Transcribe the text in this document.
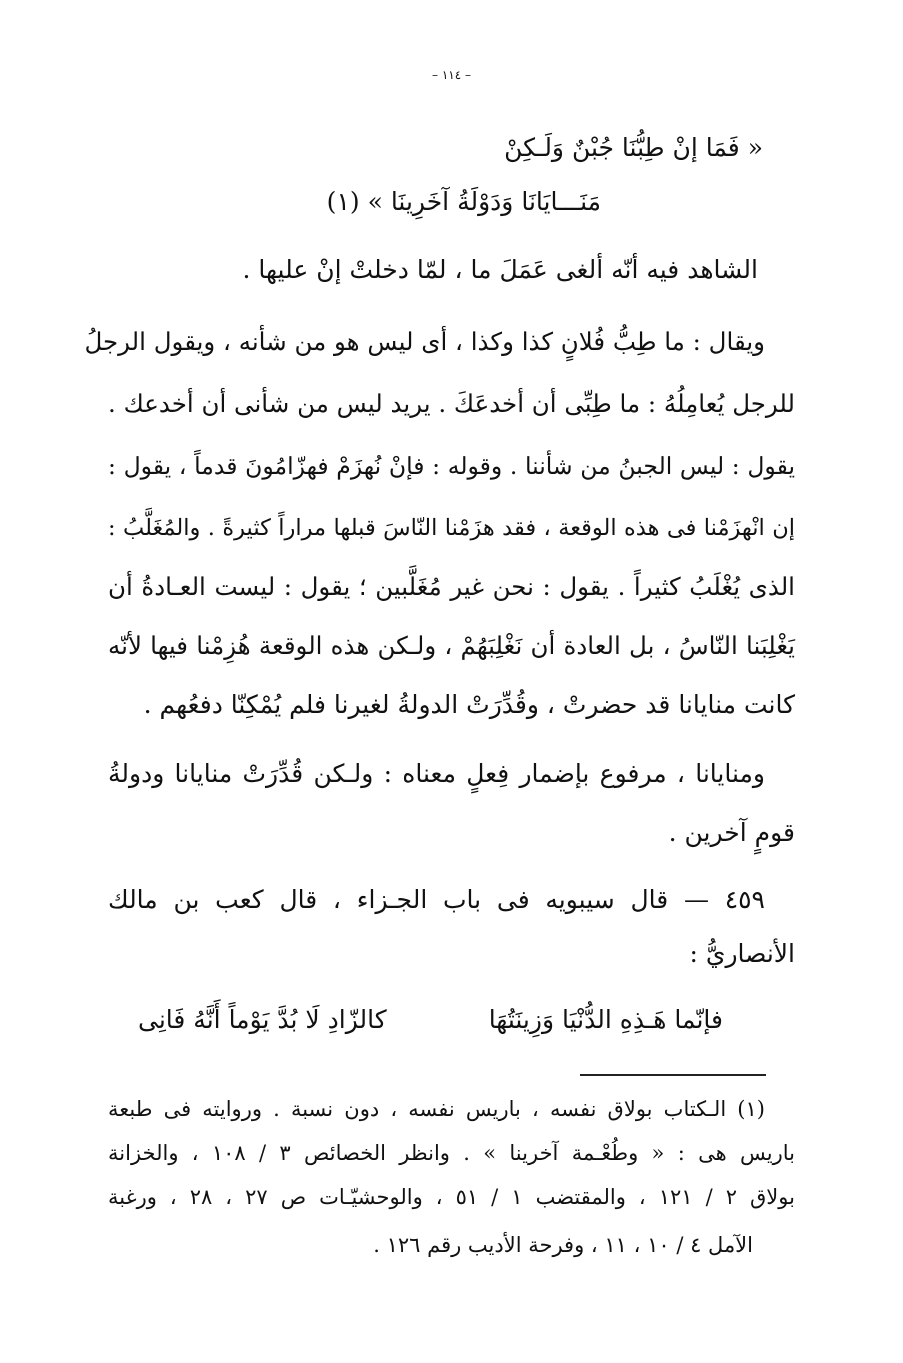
– ١١٤ –
« فَمَا إنْ طِبُّنَا جُبْنٌ وَلَـكِنْ
مَنَـــايَانَا وَدَوْلَةُ آخَرِينَا » (١)
الشاهد فيه أنّه ألغى عَمَلَ ما ، لمّا دخلتْ إنْ عليها .
ويقال : ما طِبُّ فُلانٍ كذا وكذا ، أى ليس هو من شأنه ، ويقول الرجلُ
للرجل يُعامِلُهُ : ما طِبِّى أن أخدعَكَ . يريد ليس من شأنى أن أخدعك .
يقول : ليس الجبنُ من شأننا . وقوله : فإنْ نُهزَمْ فهزّامُونَ قدماً ، يقول :
إن انْهزَمْنا فى هذه الوقعة ، فقد هزَمْنا النّاسَ قبلها مراراً كثيرةً . والمُغَلَّبُ :
الذى يُغْلَبُ كثيراً . يقول : نحن غير مُغَلَّبين ؛ يقول : ليست العـادةُ أن
يَغْلِبَنا النّاسُ ، بل العادة أن نَغْلِبَهُمْ ، ولـكن هذه الوقعة هُزِمْنا فيها لأنّه
كانت منايانا قد حضرتْ ، وقُدِّرَتْ الدولةُ لغيرنا فلم يُمْكِنّا دفعُهم .
ومنايانا ، مرفوع بإضمار فِعلٍ معناه : ولـكن قُدِّرَتْ منايانا ودولةُ
قومٍ آخرين .
٤٥٩ — قال سيبويه فى باب الجـزاء ، قال كعب بن مالك
الأنصاريُّ :
فإنّما هَـذِهِ الدُّنْيَا وَزِينَتُهَا
كالزّادِ لَا بُدَّ يَوْماً أَنَّهُ فَانِى
(١) الـكتاب بولاق نفسه ، باريس نفسه ، دون نسبة . وروايته فى طبعة
باريس هى : « وطُعْـمة آخرينا » . وانظر الخصائص ٣ / ١٠٨ ، والخزانة
بولاق ٢ / ١٢١ ، والمقتضب ١ / ٥١ ، والوحشيّـات ص ٢٧ ، ٢٨ ، ورغبة
الآمل ٤ / ١٠ ، ١١ ، وفرحة الأديب رقم ١٢٦ .
